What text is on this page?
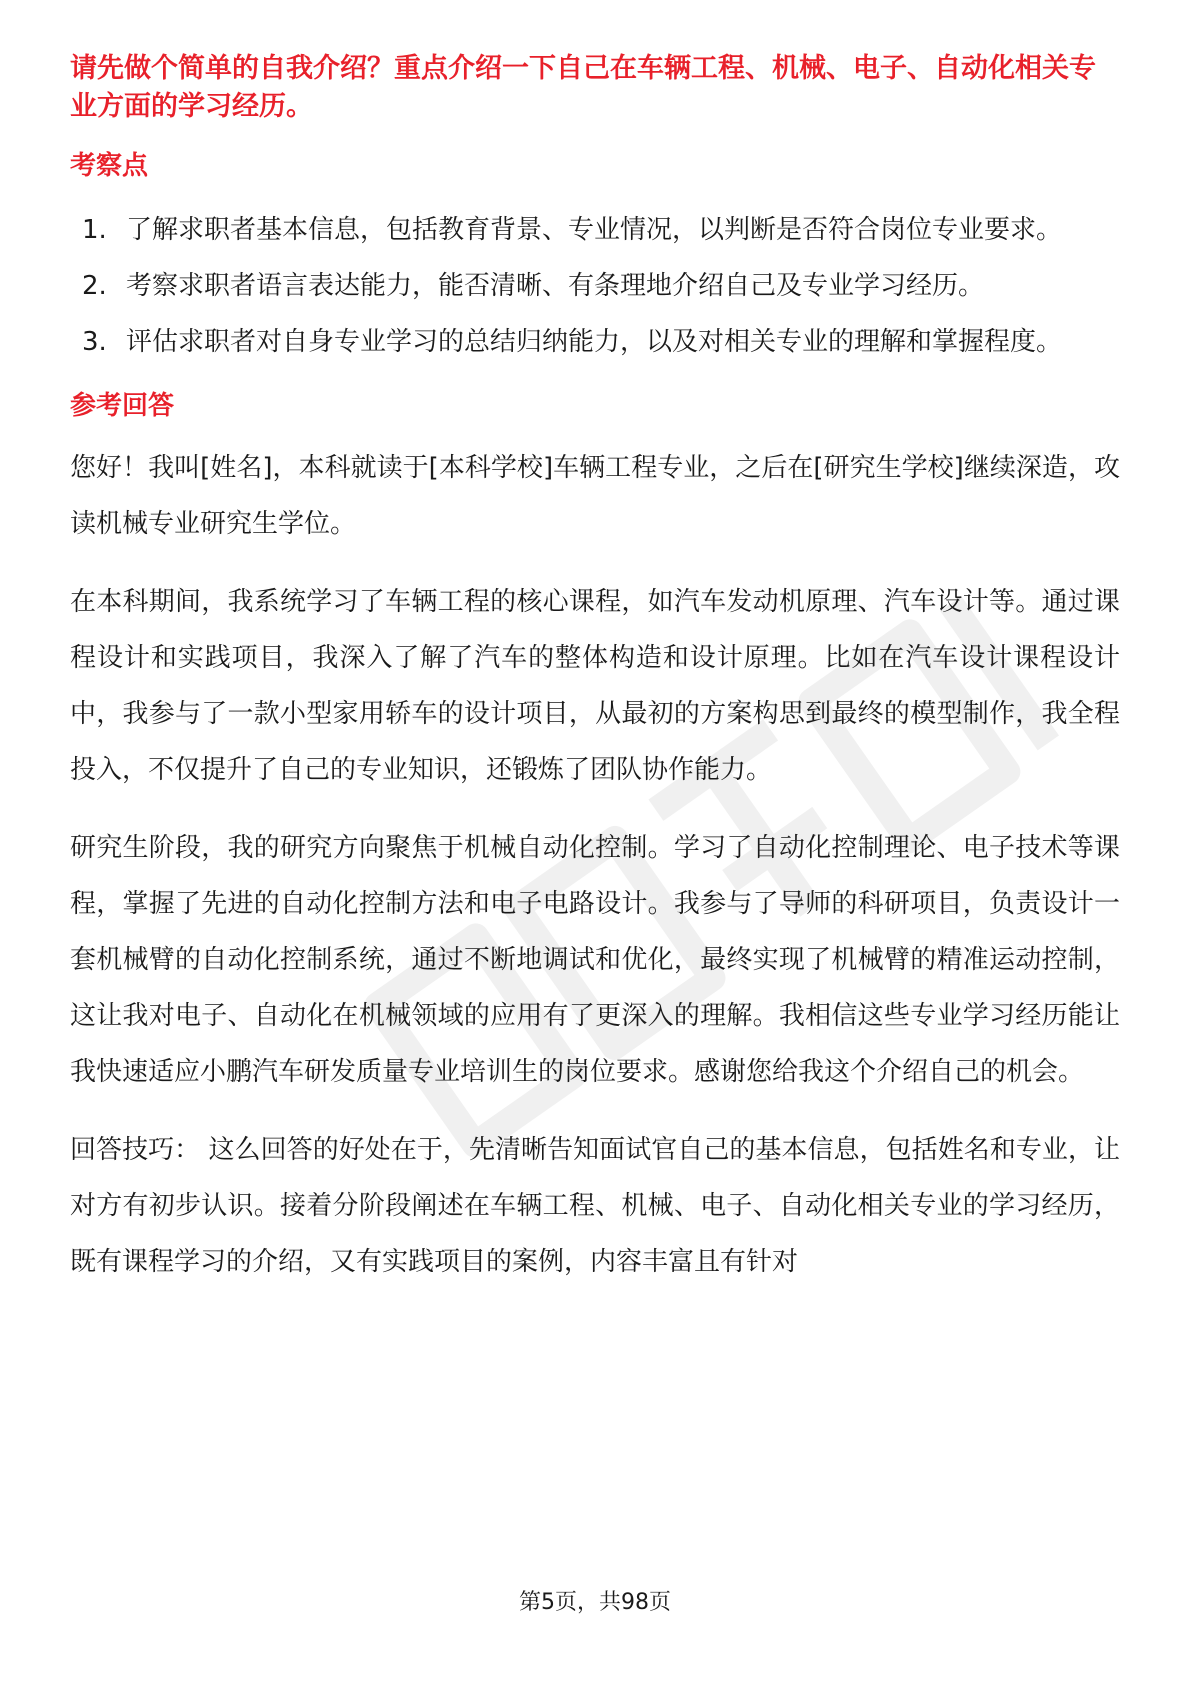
请先做个简单的自我介绍？重点介绍一下自己在车辆工程、机械、电子、自动化相关专业方面的学习经历。

考察点
1. 了解求职者基本信息，包括教育背景、专业情况，以判断是否符合岗位专业要求。
2. 考察求职者语言表达能力，能否清晰、有条理地介绍自己及专业学习经历。
3. 评估求职者对自身专业学习的总结归纳能力，以及对相关专业的理解和掌握程度。
参考回答

您好！我叫[姓名]，本科就读于[本科学校]车辆工程专业，之后在[研究生学校]继续深造，攻读机械专业研究生学位。

在本科期间，我系统学习了车辆工程的核心课程，如汽车发动机原理、汽车设计等。通过课程设计和实践项目，我深入了解了汽车的整体构造和设计原理。比如在汽车设计课程设计中，我参与了一款小型家用轿车的设计项目，从最初的方案构思到最终的模型制作，我全程投入，不仅提升了自己的专业知识，还锻炼了团队协作能力。

研究生阶段，我的研究方向聚焦于机械自动化控制。学习了自动化控制理论、电子技术等课程，掌握了先进的自动化控制方法和电子电路设计。我参与了导师的科研项目，负责设计一套机械臂的自动化控制系统，通过不断地调试和优化，最终实现了机械臂的精准运动控制，这让我对电子、自动化在机械领域的应用有了更深入的理解。我相信这些专业学习经历能让我快速适应小鹏汽车研发质量专业培训生的岗位要求。感谢您给我这个介绍自己的机会。

回答技巧： 这么回答的好处在于，先清晰告知面试官自己的基本信息，包括姓名和专业，让对方有初步认识。接着分阶段阐述在车辆工程、机械、电子、自动化相关专业的学习经历，既有课程学习的介绍，又有实践项目的案例，内容丰富且有针对

第5页，共98页
